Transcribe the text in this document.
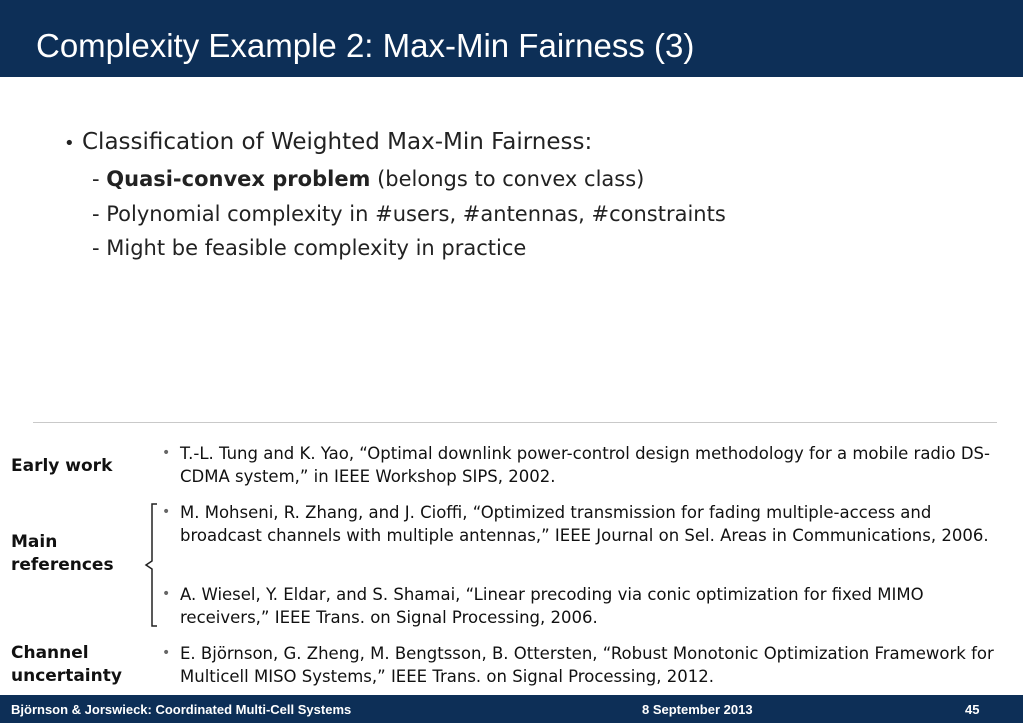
Complexity Example 2: Max-Min Fairness (3)
• Classification of Weighted Max-Min Fairness:
- Quasi-convex problem (belongs to convex class)
- Polynomial complexity in #users, #antennas, #constraints
- Might be feasible complexity in practice
Early work
Main references
Channel uncertainty
• T.-L. Tung and K. Yao, “Optimal downlink power-control design methodology for a mobile radio DS-CDMA system,” in IEEE Workshop SIPS, 2002.
• M. Mohseni, R. Zhang, and J. Cioffi, “Optimized transmission for fading multiple-access and broadcast channels with multiple antennas,” IEEE Journal on Sel. Areas in Communications, 2006.
• A. Wiesel, Y. Eldar, and S. Shamai, “Linear precoding via conic optimization for fixed MIMO receivers,” IEEE Trans. on Signal Processing, 2006.
• E. Björnson, G. Zheng, M. Bengtsson, B. Ottersten, “Robust Monotonic Optimization Framework for Multicell MISO Systems,” IEEE Trans. on Signal Processing, 2012.
Björnson & Jorswieck: Coordinated Multi-Cell Systems	8 September 2013	45
